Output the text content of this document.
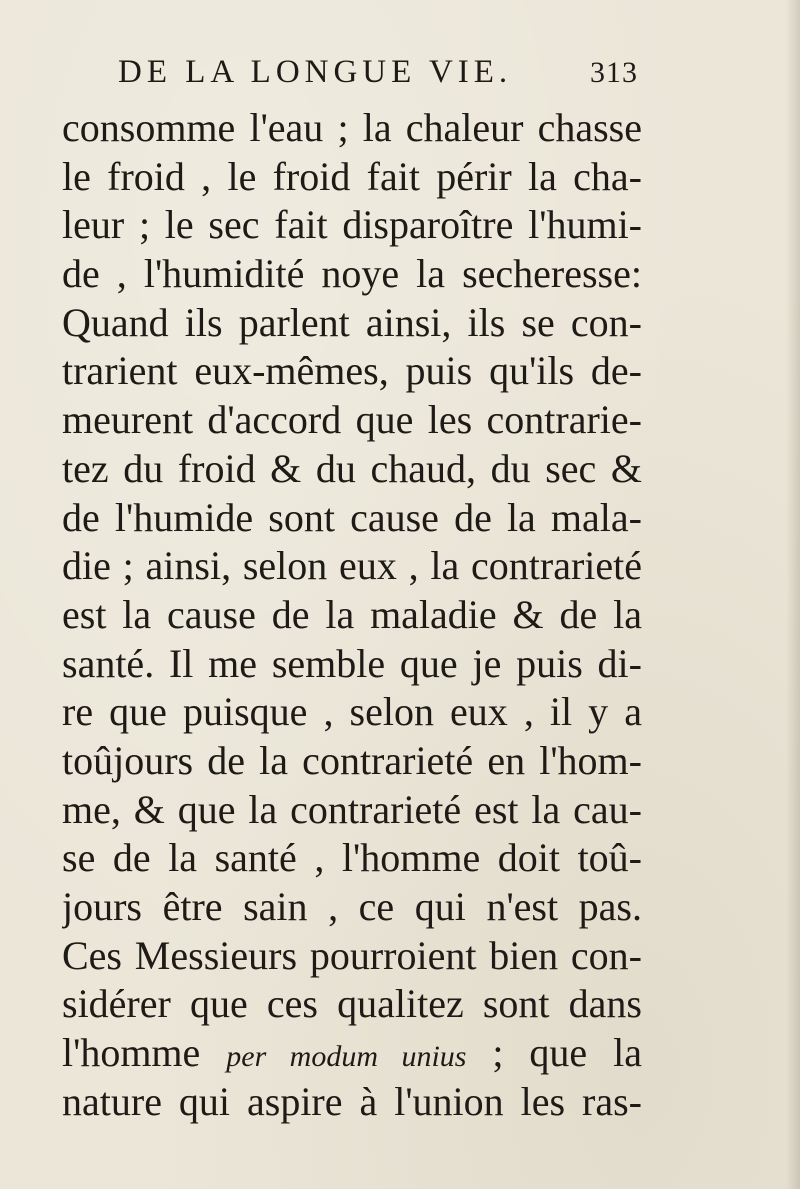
DE LA LONGUE VIE.	313
consomme l'eau ; la chaleur chasse
le froid , le froid fait périr la cha-
leur ; le sec fait disparoître l'humi-
de , l'humidité noye la secheresse:
Quand ils parlent ainsi, ils se con-
trarient eux-mêmes, puis qu'ils de-
meurent d'accord que les contrarie-
tez du froid & du chaud, du sec &
de l'humide sont cause de la mala-
die ; ainsi, selon eux , la contrarieté
est la cause de la maladie & de la
santé. Il me semble que je puis di-
re que puisque , selon eux , il y a
toûjours de la contrarieté en l'hom-
me, & que la contrarieté est la cau-
se de la santé , l'homme doit toû-
jours être sain , ce qui n'est pas.
Ces Messieurs pourroient bien con-
sidérer que ces qualitez sont dans
l'homme per modum unius ; que la
nature qui aspire à l'union les ras-
